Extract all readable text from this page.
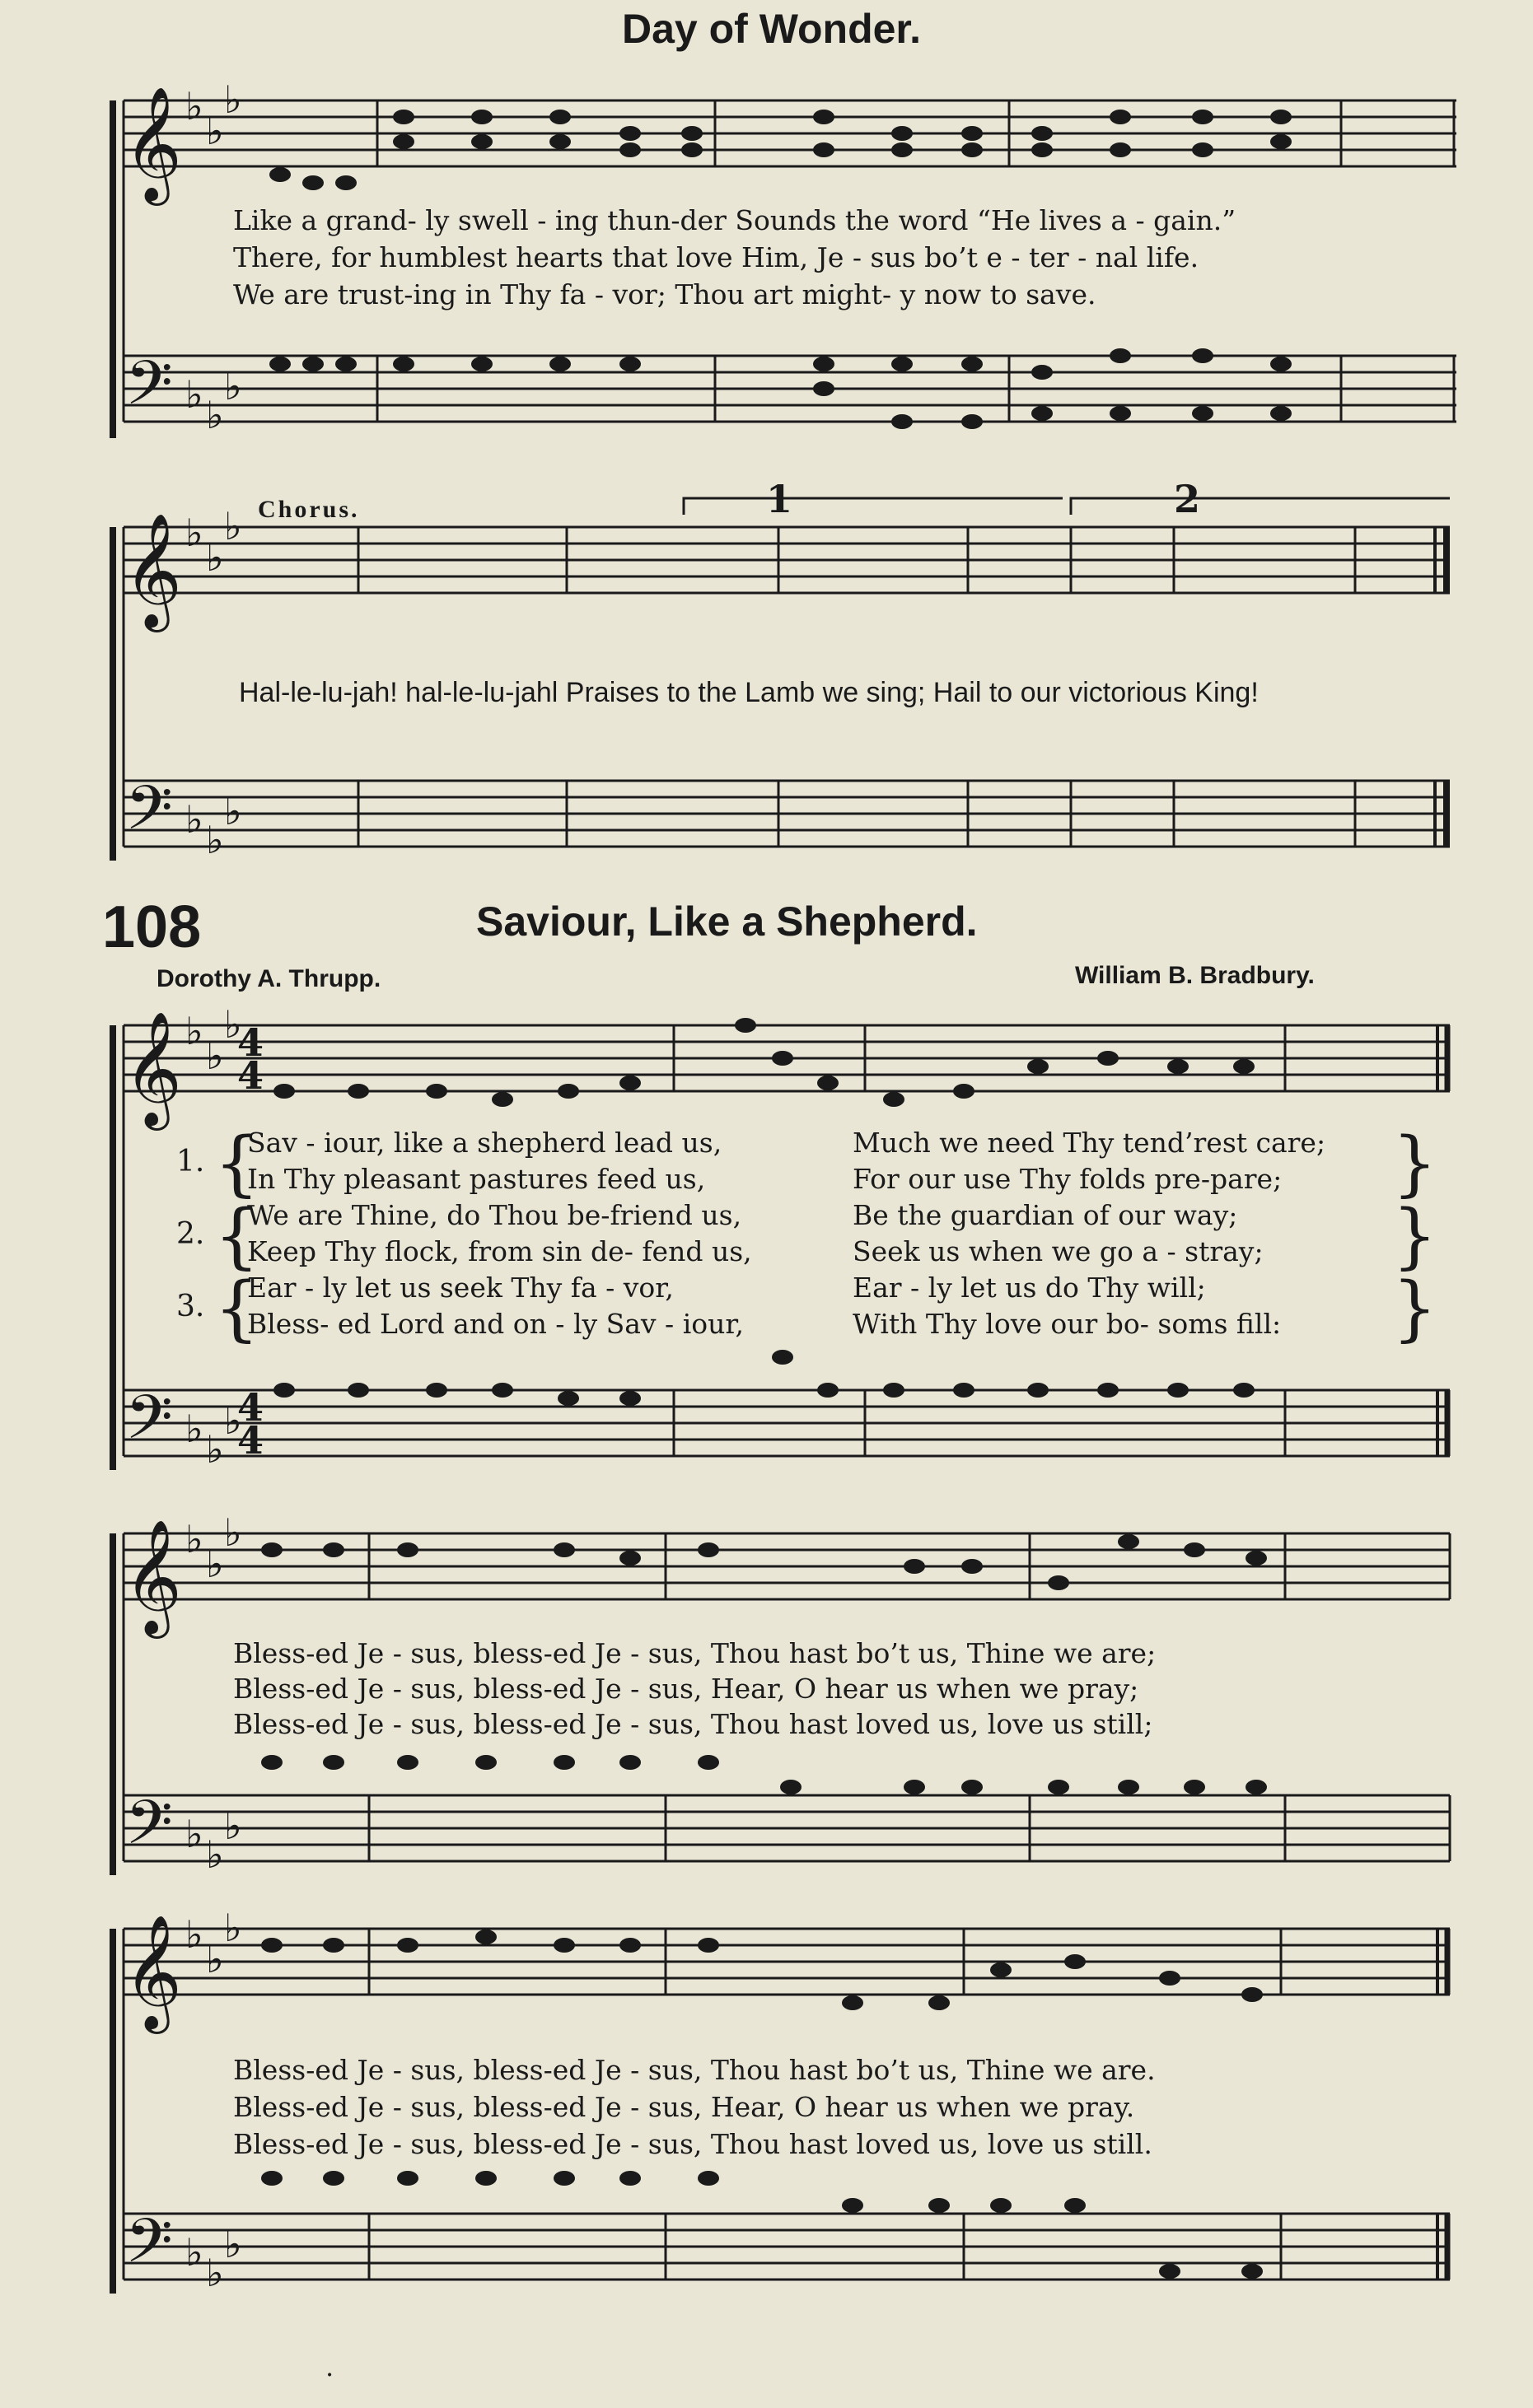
Day of Wonder.
𝄞
𝄢
𝄞
𝄢
𝄞
𝄢
𝄞
𝄢
𝄞
𝄢
♭
♭
♭
♭ ♭
♭
♭
♭
♭
♭ ♭
♭
♭
♭
♭
♭ ♭
♭
♭
♭
♭
♭ ♭
♭
♭
♭
♭
♭ ♭
♭
4
4
4
4
1	2
Like a grand- ly swell - ing thun-der Sounds the word “He lives a - gain.”
There, for humblest hearts that love Him, Je - sus bo’t e - ter - nal life.
We are trust-ing in Thy fa - vor; Thou art might- y now to save.
Chorus.
Hal-le-lu-jah! hal-le-lu-jahl Praises to the Lamb we sing; Hail to our victorious King!
108	Saviour, Like a Shepherd.
Dorothy A. Thrupp.	William B. Bradbury.
1. {
Sav - iour, like a shepherd lead us,
In Thy pleasant pastures feed us,
Much we need Thy tend’rest care;
For our use Thy folds pre-pare; }
2. {
We are Thine, do Thou be-friend us,
Keep Thy flock, from sin de- fend us,
Be the guardian of our way;
Seek us when we go a - stray; }
3. {
Ear - ly let us seek Thy fa - vor,
Bless- ed Lord and on - ly Sav - iour,
Ear - ly let us do Thy will;
With Thy love our bo- soms fill: }
Bless-ed Je - sus, bless-ed Je - sus, Thou hast bo’t us, Thine we are;
Bless-ed Je - sus, bless-ed Je - sus, Hear, O hear us when we pray;
Bless-ed Je - sus, bless-ed Je - sus, Thou hast loved us, love us still;
Bless-ed Je - sus, bless-ed Je - sus, Thou hast bo’t us, Thine we are.
Bless-ed Je - sus, bless-ed Je - sus, Hear, O hear us when we pray.
Bless-ed Je - sus, bless-ed Je - sus, Thou hast loved us, love us still.
.
